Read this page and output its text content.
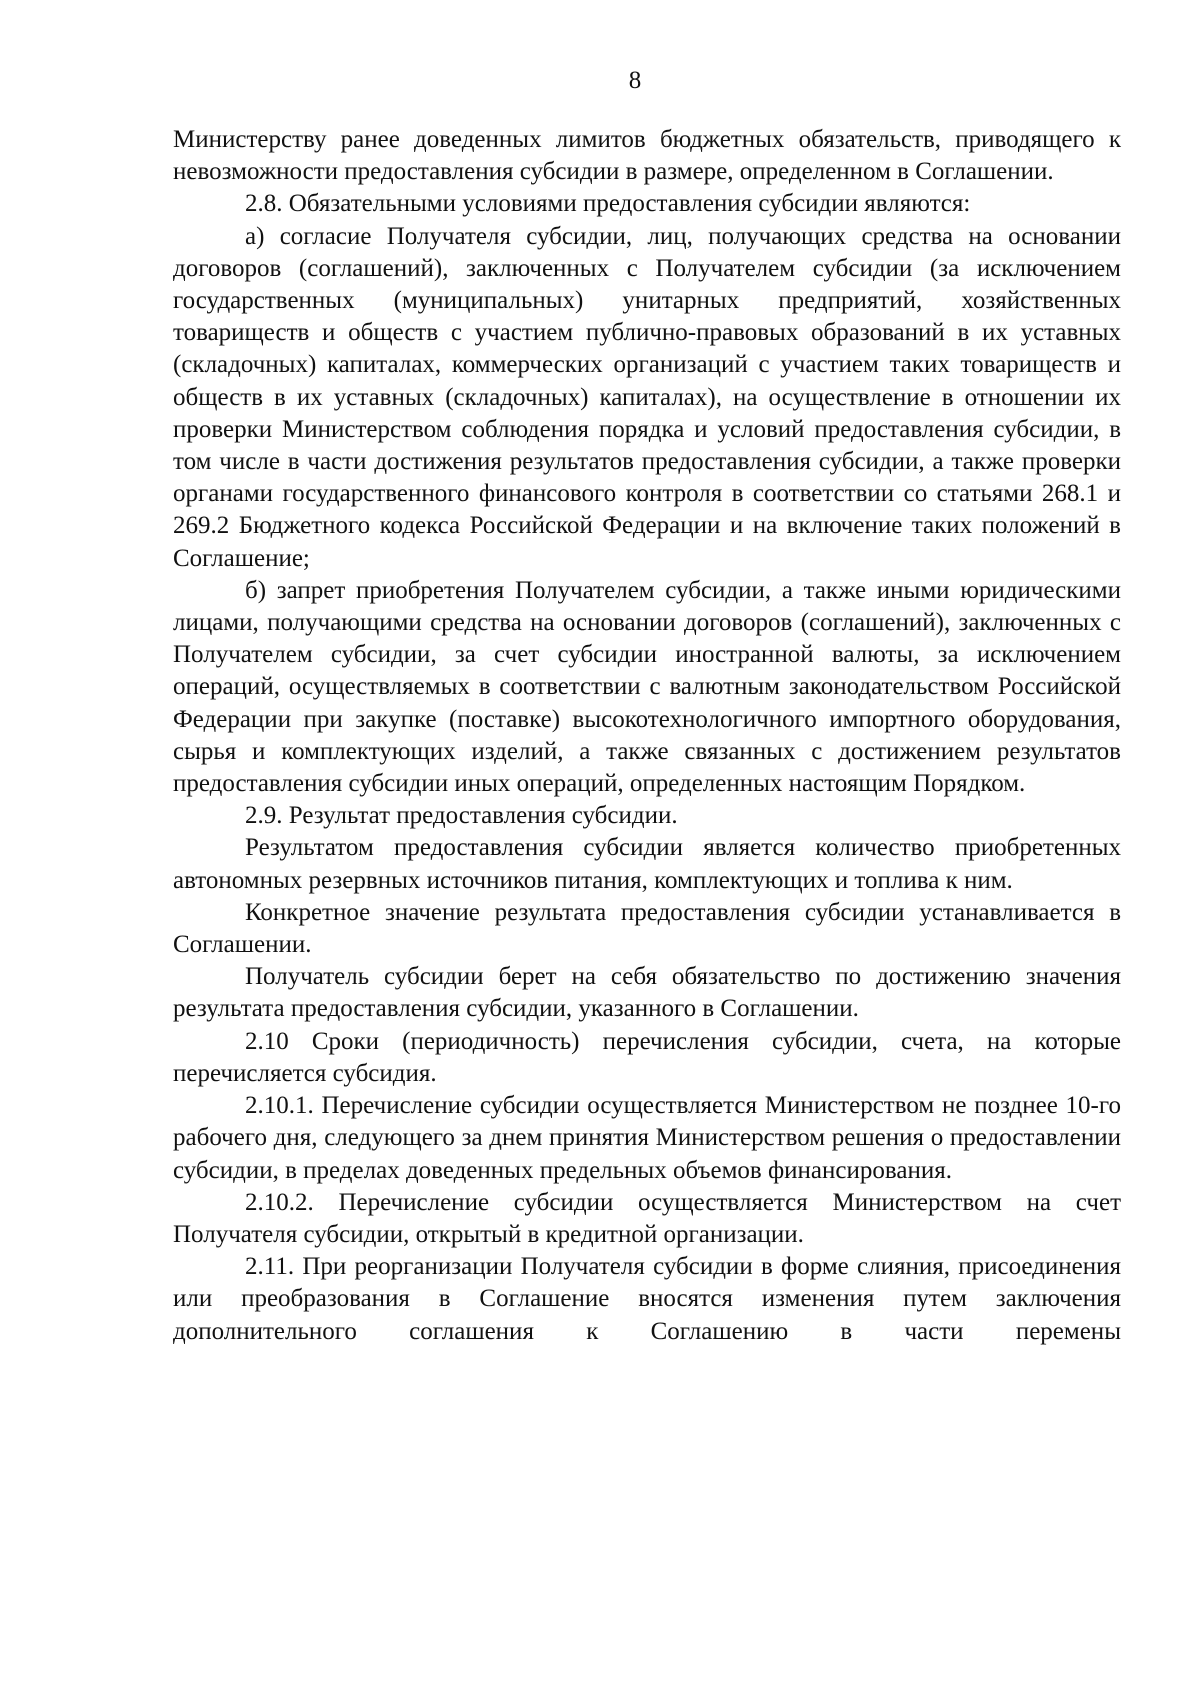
8

Министерству ранее доведенных лимитов бюджетных обязательств, приводящего к невозможности предоставления субсидии в размере, определенном в Соглашении.

2.8. Обязательными условиями предоставления субсидии являются:

а) согласие Получателя субсидии, лиц, получающих средства на основании договоров (соглашений), заключенных с Получателем субсидии (за исключением государственных (муниципальных) унитарных предприятий, хозяйственных товариществ и обществ с участием публично-правовых образований в их уставных (складочных) капиталах, коммерческих организаций с участием таких товариществ и обществ в их уставных (складочных) капиталах), на осуществление в отношении их проверки Министерством соблюдения порядка и условий предоставления субсидии, в том числе в части достижения результатов предоставления субсидии, а также проверки органами государственного финансового контроля в соответствии со статьями 268.1 и 269.2 Бюджетного кодекса Российской Федерации и на включение таких положений в Соглашение;

б) запрет приобретения Получателем субсидии, а также иными юридическими лицами, получающими средства на основании договоров (соглашений), заключенных с Получателем субсидии, за счет субсидии иностранной валюты, за исключением операций, осуществляемых в соответствии с валютным законодательством Российской Федерации при закупке (поставке) высокотехнологичного импортного оборудования, сырья и комплектующих изделий, а также связанных с достижением результатов предоставления субсидии иных операций, определенных настоящим Порядком.

2.9. Результат предоставления субсидии.

Результатом предоставления субсидии является количество приобретенных автономных резервных источников питания, комплектующих и топлива к ним.

Конкретное значение результата предоставления субсидии устанавливается в Соглашении.

Получатель субсидии берет на себя обязательство по достижению значения результата предоставления субсидии, указанного в Соглашении.

2.10 Сроки (периодичность) перечисления субсидии, счета, на которые перечисляется субсидия.

2.10.1. Перечисление субсидии осуществляется Министерством не позднее 10-го рабочего дня, следующего за днем принятия Министерством решения о предоставлении субсидии, в пределах доведенных предельных объемов финансирования.

2.10.2. Перечисление субсидии осуществляется Министерством на счет Получателя субсидии, открытый в кредитной организации.

2.11. При реорганизации Получателя субсидии в форме слияния, присоединения или преобразования в Соглашение вносятся изменения путем заключения дополнительного соглашения к Соглашению в части перемены
